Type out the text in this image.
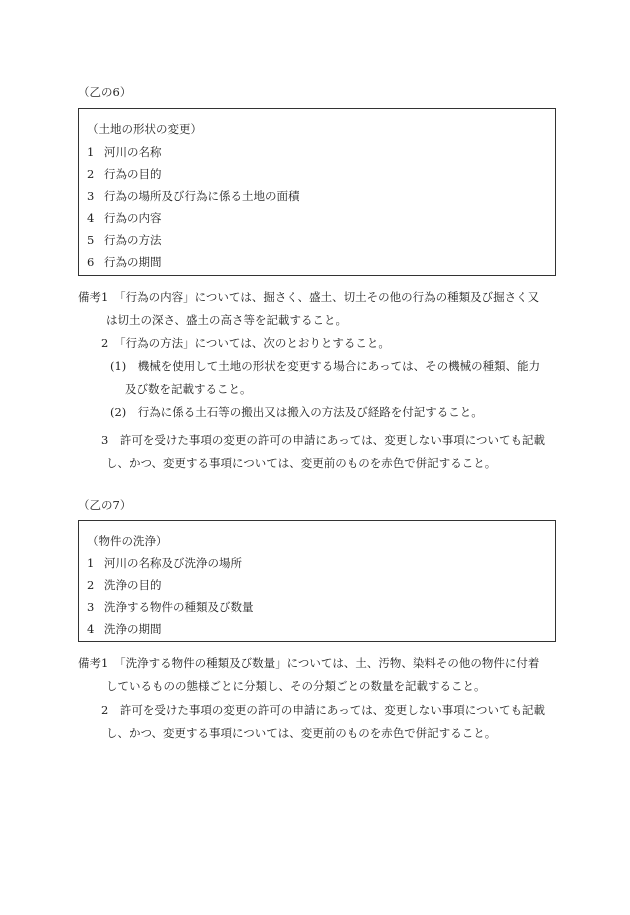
（乙の6）
（土地の形状の変更）
1 河川の名称
2 行為の目的
3 行為の場所及び行為に係る土地の面積
4 行為の内容
5 行為の方法
6 行為の期間
備考1　「行為の内容」については、掘さく、盛土、切土その他の行為の種類及び掘さく又
は切土の深さ、盛土の高さ等を記載すること。
2　「行為の方法」については、次のとおりとすること。
(1)　機械を使用して土地の形状を変更する場合にあっては、その機械の種類、能力
及び数を記載すること。
(2)　行為に係る土石等の搬出又は搬入の方法及び経路を付記すること。
3　許可を受けた事項の変更の許可の申請にあっては、変更しない事項についても記載
し、かつ、変更する事項については、変更前のものを赤色で併記すること。
（乙の7）
（物件の洗浄）
1 河川の名称及び洗浄の場所
2 洗浄の目的
3 洗浄する物件の種類及び数量
4 洗浄の期間
備考1　「洗浄する物件の種類及び数量」については、土、汚物、染料その他の物件に付着
しているものの態様ごとに分類し、その分類ごとの数量を記載すること。
2　許可を受けた事項の変更の許可の申請にあっては、変更しない事項についても記載
し、かつ、変更する事項については、変更前のものを赤色で併記すること。
